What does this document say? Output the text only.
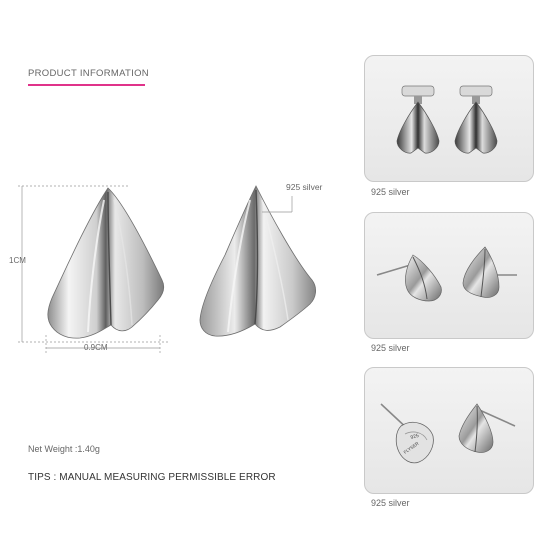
PRODUCT INFORMATION
1CM
0.9CM
925 silver
Net Weight :1.40g
TIPS : MANUAL MEASURING PERMISSIBLE ERROR
925 silver
925 silver
925
FLYSER
925 silver
